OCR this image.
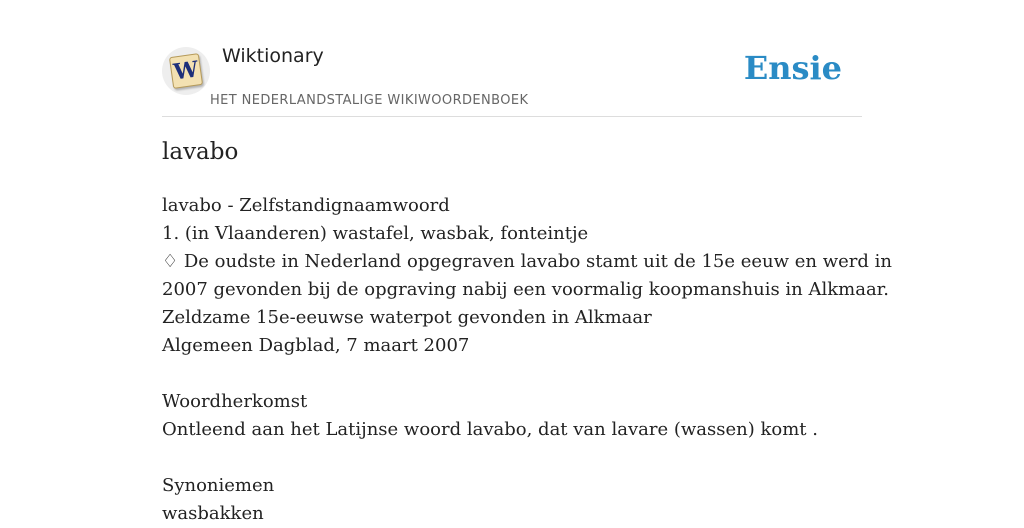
W
Wiktionary
HET NEDERLANDSTALIGE WIKIWOORDENBOEK
Ensie
lavabo
lavabo - Zelfstandignaamwoord
1. (in Vlaanderen) wastafel, wasbak, fonteintje
♢ De oudste in Nederland opgegraven lavabo stamt uit de 15e eeuw en werd in
2007 gevonden bij de opgraving nabij een voormalig koopmanshuis in Alkmaar.
Zeldzame 15e-eeuwse waterpot gevonden in Alkmaar
Algemeen Dagblad, 7 maart 2007
Woordherkomst
Ontleend aan het Latijnse woord lavabo, dat van lavare (wassen) komt .
Synoniemen
wasbakken
